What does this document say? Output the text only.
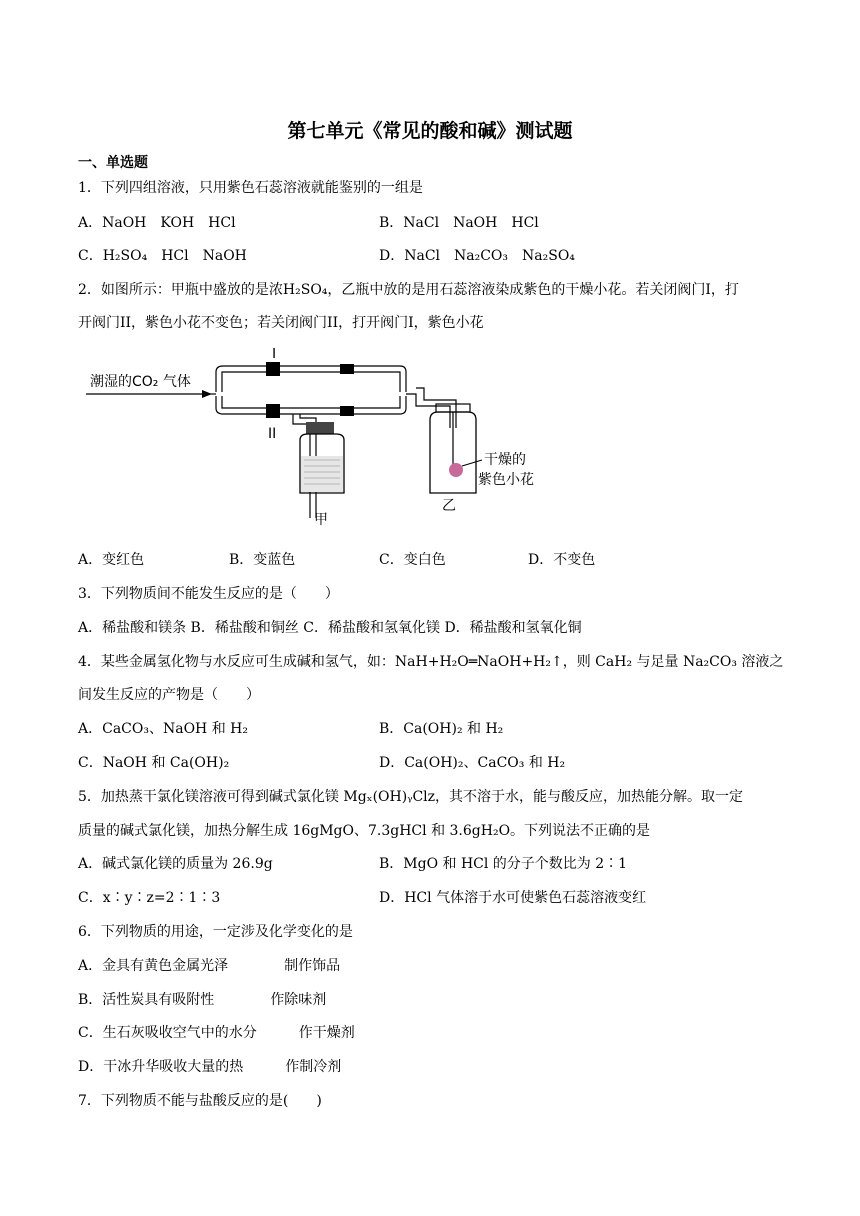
第七单元《常见的酸和碱》测试题
一、单选题
1．下列四组溶液，只用紫色石蕊溶液就能鉴别的一组是
A．NaOH　KOH　HCl	B．NaCl　NaOH　HCl
C．H₂SO₄　HCl　NaOH	D．NaCl　Na₂CO₃　Na₂SO₄
2．如图所示：甲瓶中盛放的是浓H₂SO₄，乙瓶中放的是用石蕊溶液染成紫色的干燥小花。若关闭阀门I，打
开阀门II，紫色小花不变色；若关闭阀门II，打开阀门I，紫色小花
潮湿的CO₂ 气体
I
II
甲
干燥的
紫色小花
乙
A．变红色	B．变蓝色	C．变白色	D．不变色
3．下列物质间不能发生反应的是（　　）
A．稀盐酸和镁条 B．稀盐酸和铜丝 C．稀盐酸和氢氧化镁 D．稀盐酸和氢氧化铜
4．某些金属氢化物与水反应可生成碱和氢气，如：NaH+H₂O═NaOH+H₂↑，则 CaH₂ 与足量 Na₂CO₃ 溶液之
间发生反应的产物是（　　）
A．CaCO₃、NaOH 和 H₂	B．Ca(OH)₂ 和 H₂
C．NaOH 和 Ca(OH)₂	D．Ca(OH)₂、CaCO₃ 和 H₂
5．加热蒸干氯化镁溶液可得到碱式氯化镁 Mgₓ(OH)ᵧClz，其不溶于水，能与酸反应，加热能分解。取一定
质量的碱式氯化镁，加热分解生成 16gMgO、7.3gHCl 和 3.6gH₂O。下列说法不正确的是
A．碱式氯化镁的质量为 26.9g	B．MgO 和 HCl 的分子个数比为 2∶1
C．x∶y∶z=2∶1∶3	D．HCl 气体溶于水可使紫色石蕊溶液变红
6．下列物质的用途，一定涉及化学变化的是
A．金具有黄色金属光泽　　　　制作饰品
B．活性炭具有吸附性　　　　作除味剂
C．生石灰吸收空气中的水分　　　作干燥剂
D．干冰升华吸收大量的热　　　作制冷剂
7．下列物质不能与盐酸反应的是(　　)
